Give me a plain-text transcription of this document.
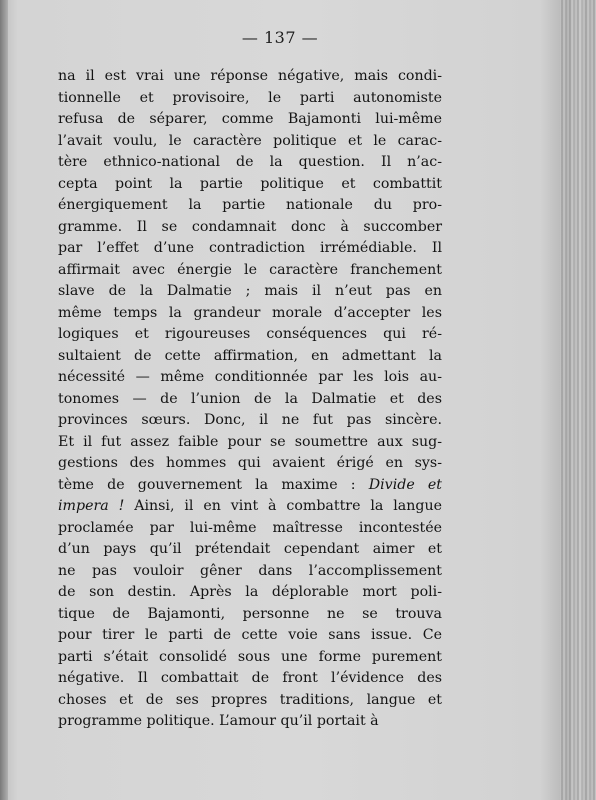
— 137 —
na il est vrai une réponse négative, mais condi-
tionnelle et provisoire, le parti autonomiste
refusa de séparer, comme Bajamonti lui-même
l’avait voulu, le caractère politique et le carac-
tère ethnico-national de la question. Il n’ac-
cepta point la partie politique et combattit
énergiquement la partie nationale du pro-
gramme. Il se condamnait donc à succomber
par l’effet d’une contradiction irrémédiable. Il
affirmait avec énergie le caractère franchement
slave de la Dalmatie ; mais il n’eut pas en
même temps la grandeur morale d’accepter les
logiques et rigoureuses conséquences qui ré-
sultaient de cette affirmation, en admettant la
nécessité — même conditionnée par les lois au-
tonomes — de l’union de la Dalmatie et des
provinces sœurs. Donc, il ne fut pas sincère.
Et il fut assez faible pour se soumettre aux sug-
gestions des hommes qui avaient érigé en sys-
tème de gouvernement la maxime : Divide et
impera ! Ainsi, il en vint à combattre la langue
proclamée par lui-même maîtresse incontestée
d’un pays qu’il prétendait cependant aimer et
ne pas vouloir gêner dans l’accomplissement
de son destin. Après la déplorable mort poli-
tique de Bajamonti, personne ne se trouva
pour tirer le parti de cette voie sans issue. Ce
parti s’était consolidé sous une forme purement
négative. Il combattait de front l’évidence des
choses et de ses propres traditions, langue et
programme politique. L’amour qu’il portait à
